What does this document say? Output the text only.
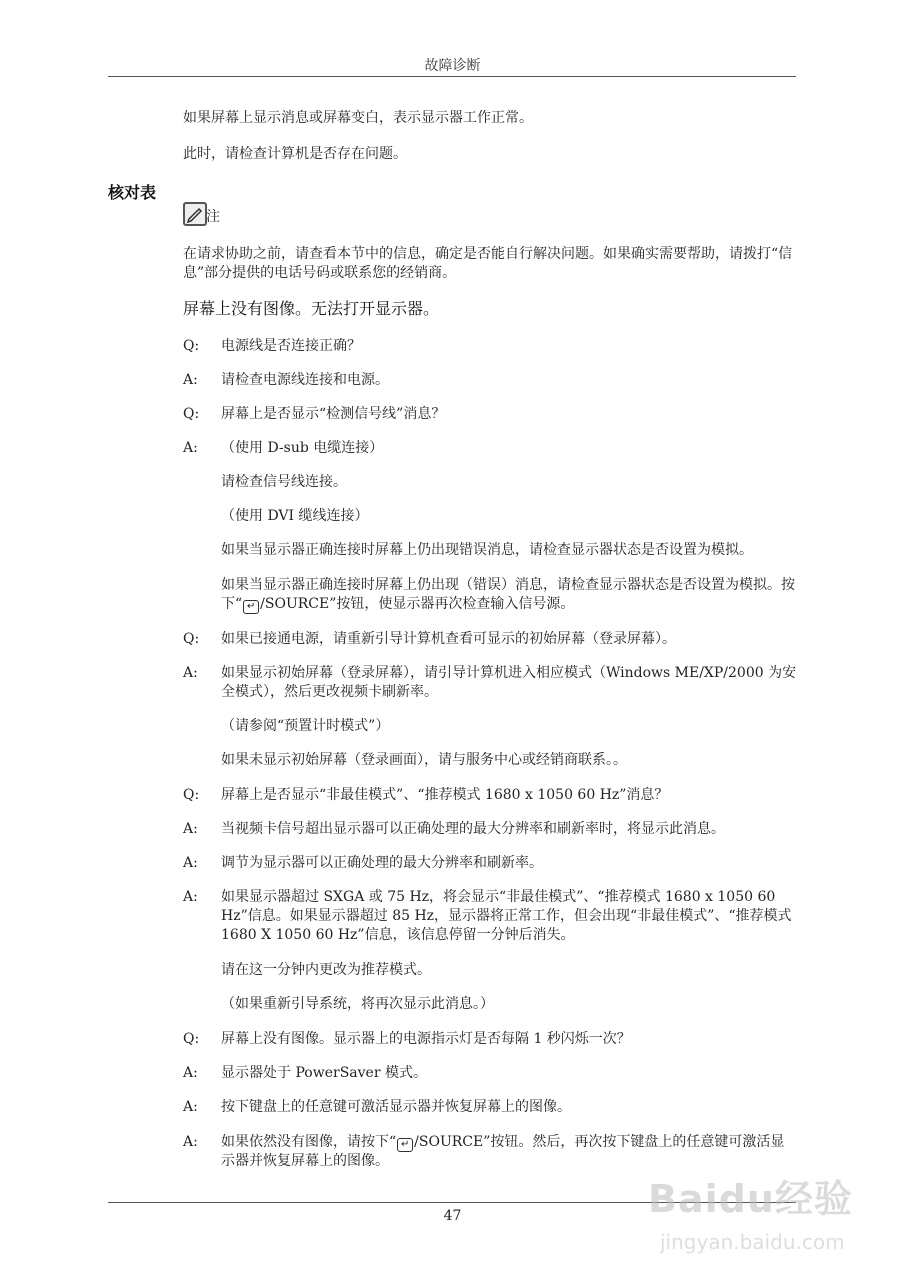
故障诊断
如果屏幕上显示消息或屏幕变白，表示显示器工作正常。
此时，请检查计算机是否存在问题。
核对表
注
在请求协助之前，请查看本节中的信息，确定是否能自行解决问题。如果确实需要帮助，请拨打“信息”部分提供的电话号码或联系您的经销商。
屏幕上没有图像。无法打开显示器。
Q: 电源线是否连接正确？
A: 请检查电源线连接和电源。
Q: 屏幕上是否显示“检测信号线”消息？
A: （使用 D-sub 电缆连接）
请检查信号线连接。
（使用 DVI 缆线连接）
如果当显示器正确连接时屏幕上仍出现错误消息，请检查显示器状态是否设置为模拟。
如果当显示器正确连接时屏幕上仍出现（错误）消息，请检查显示器状态是否设置为模拟。按下“ ↵ /SOURCE”按钮，使显示器再次检查输入信号源。
Q: 如果已接通电源，请重新引导计算机查看可显示的初始屏幕（登录屏幕）。
A: 如果显示初始屏幕（登录屏幕），请引导计算机进入相应模式（Windows ME/XP/2000 为安全模式），然后更改视频卡刷新率。
（请参阅“预置计时模式”）
如果未显示初始屏幕（登录画面），请与服务中心或经销商联系。。
Q: 屏幕上是否显示“非最佳模式”、“推荐模式 1680 x 1050 60 Hz”消息？
A: 当视频卡信号超出显示器可以正确处理的最大分辨率和刷新率时，将显示此消息。
A: 调节为显示器可以正确处理的最大分辨率和刷新率。
A: 如果显示器超过 SXGA 或 75 Hz，将会显示“非最佳模式”、“推荐模式 1680 x 1050 60 Hz”信息。如果显示器超过 85 Hz，显示器将正常工作，但会出现“非最佳模式”、“推荐模式 1680 X 1050 60 Hz”信息，该信息停留一分钟后消失。
请在这一分钟内更改为推荐模式。
（如果重新引导系统，将再次显示此消息。）
Q: 屏幕上没有图像。显示器上的电源指示灯是否每隔 1 秒闪烁一次？
A: 显示器处于 PowerSaver 模式。
A: 按下键盘上的任意键可激活显示器并恢复屏幕上的图像。
A: 如果依然没有图像，请按下“ ↵ /SOURCE”按钮。然后，再次按下键盘上的任意键可激活显示器并恢复屏幕上的图像。
47	Baidu经验
jingyan.baidu.com
